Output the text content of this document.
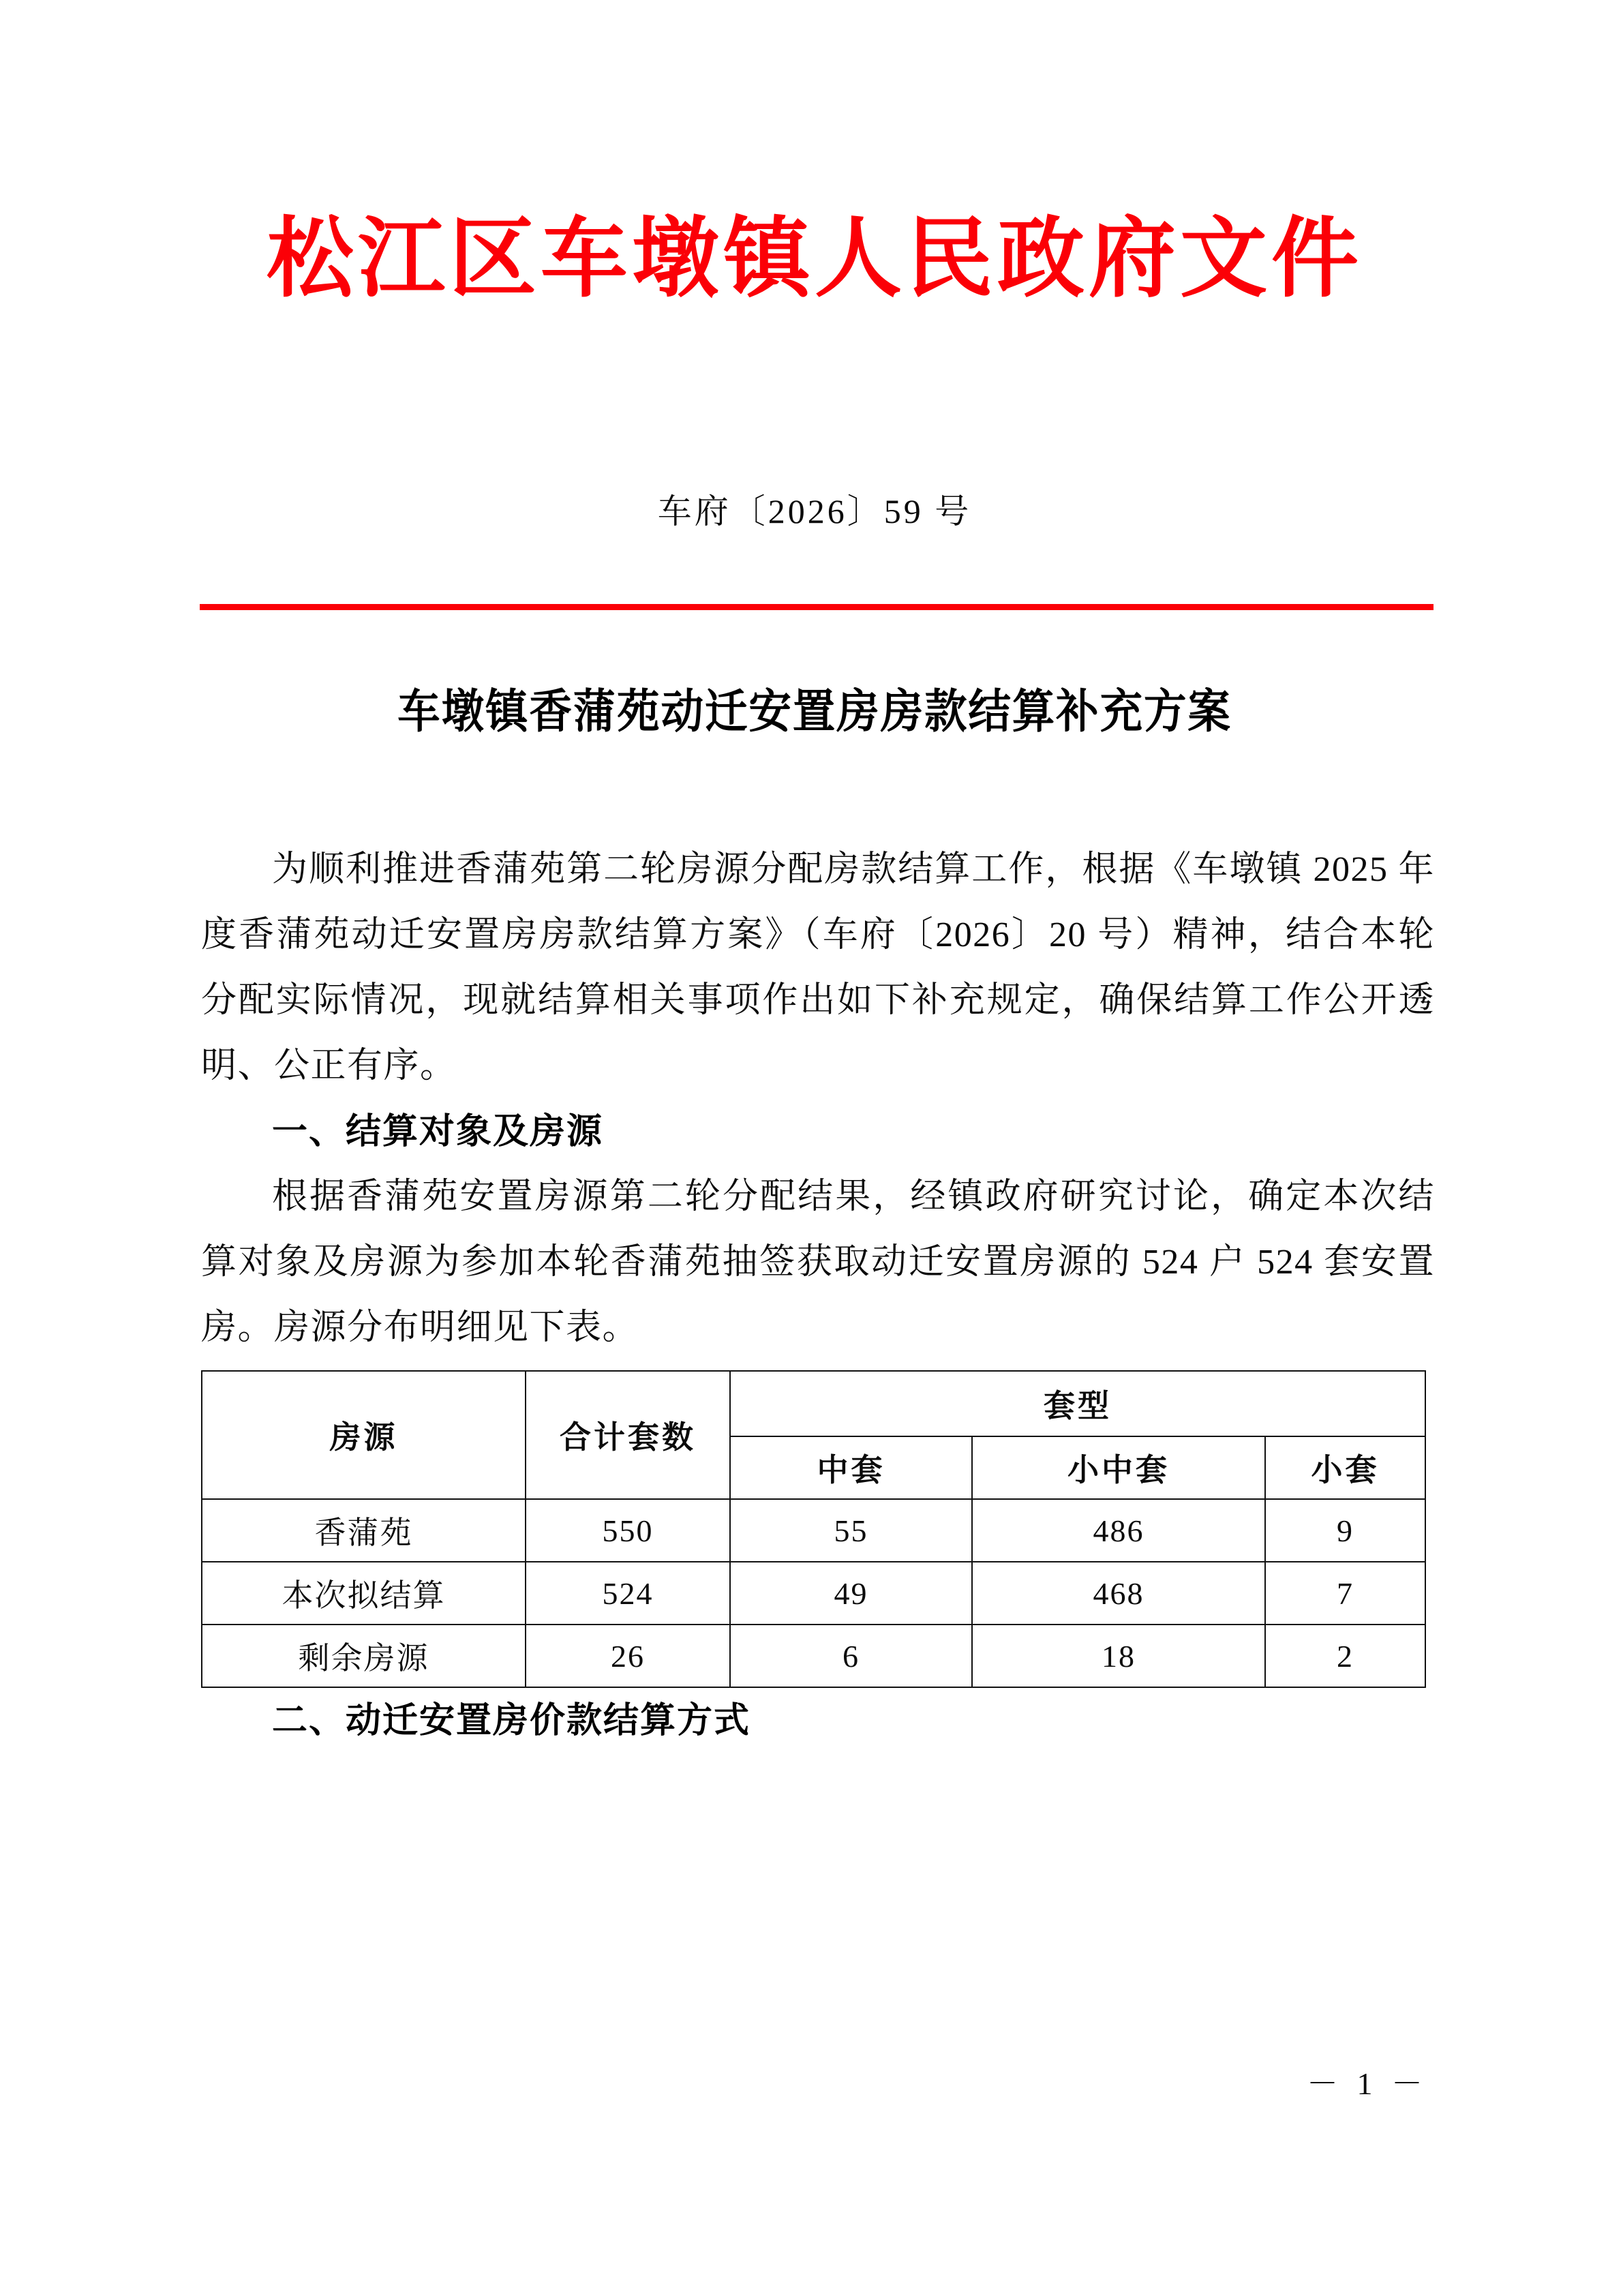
松江区车墩镇人民政府文件
车府〔2026〕59 号
车墩镇香蒲苑动迁安置房房款结算补充方案

为顺利推进香蒲苑第二轮房源分配房款结算工作，根据《车墩镇 2025 年度香蒲苑动迁安置房房款结算方案》（车府〔2026〕20 号）精神，结合本轮分配实际情况，现就结算相关事项作出如下补充规定，确保结算工作公开透明、公正有序。

一、结算对象及房源

根据香蒲苑安置房源第二轮分配结果，经镇政府研究讨论，确定本次结算对象及房源为参加本轮香蒲苑抽签获取动迁安置房源的 524 户 524 套安置房。房源分布明细见下表。

房源	合计套数	套型		
		中套	小中套	小套
香蒲苑	550	55	486	9
本次拟结算	524	49	468	7
剩余房源	26	6	18	2

二、动迁安置房价款结算方式

－ 1 －
